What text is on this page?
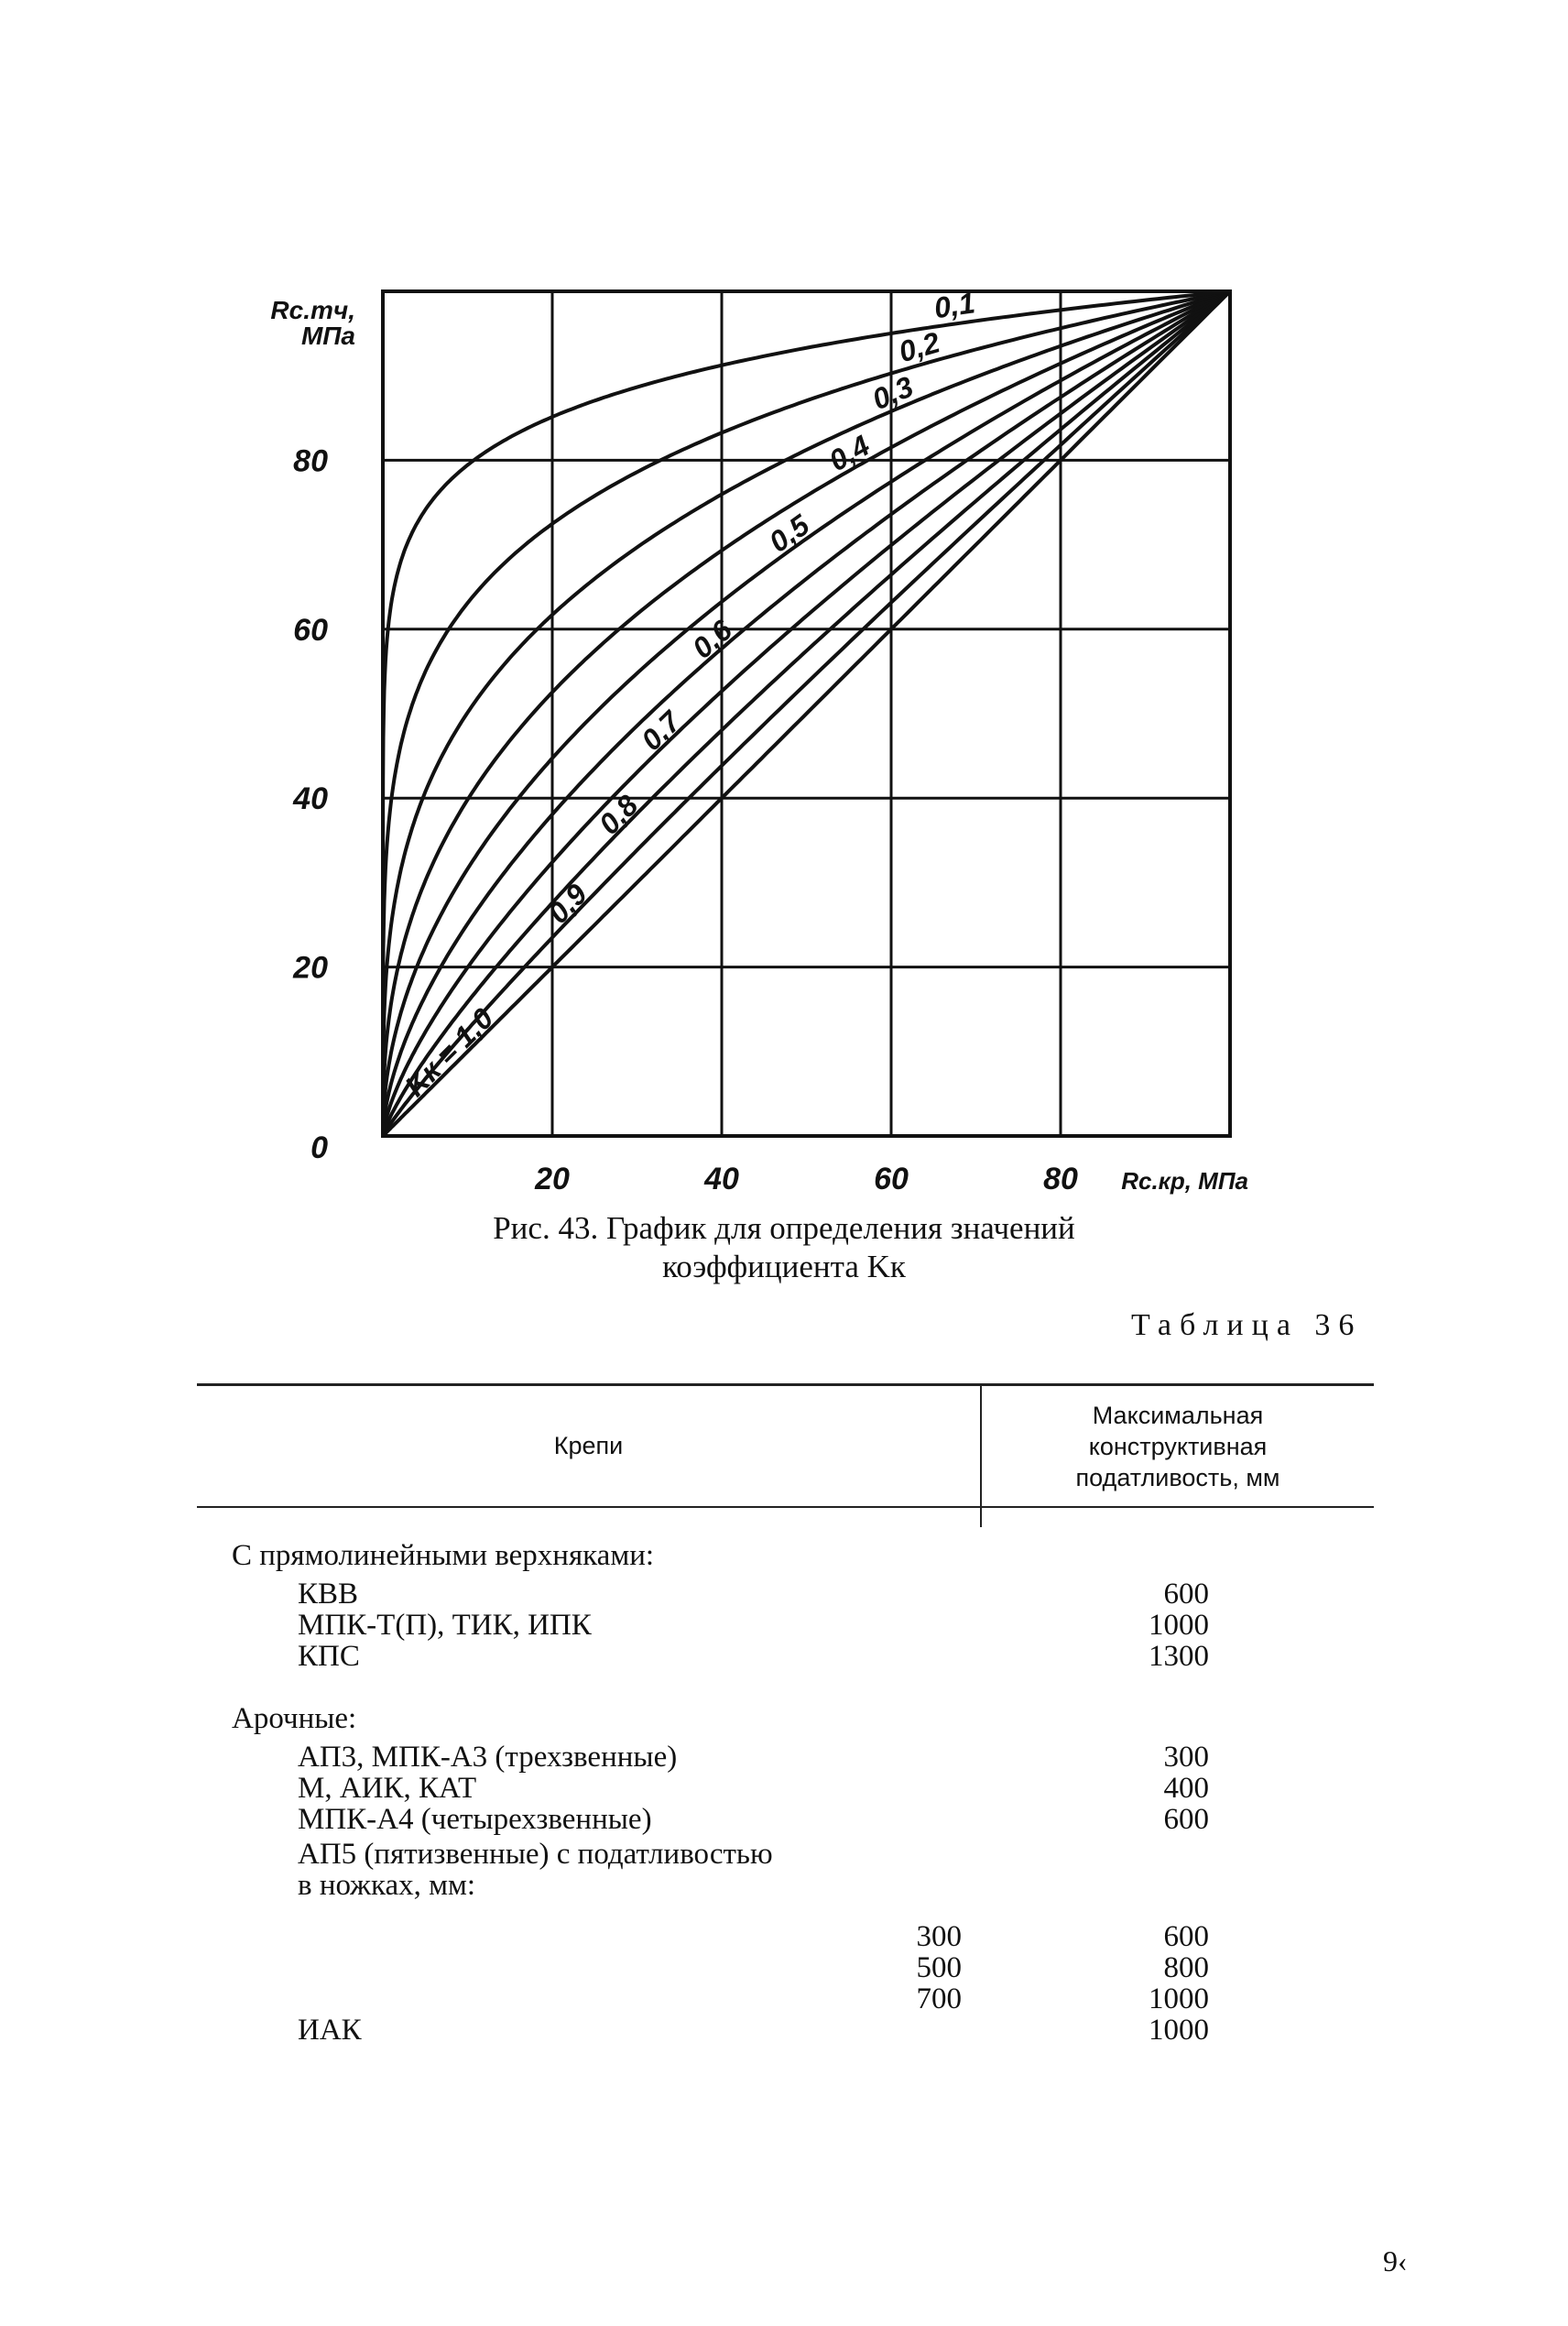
Kк = 1,0
0,9
0,8
0,7
0,6
0,5
0,4
0,3
0,2
0,1
20	40	60	80
0
20
40
60
80
Rс.тч,
МПа
Rс.кр, МПа
Рис. 43. График для определения значений
коэффициента Kк
Таблица 36
Крепи
Максимальная
конструктивная
податливость, мм
С прямолинейными верхняками:
КВВ	600
МПК-Т(П), ТИК, ИПК	1000
КПС	1300
Арочные:
АП3, МПК-А3 (трехзвенные)	300
М, АИК, КАТ	400
МПК-А4 (четырехзвенные)	600
АП5 (пятизвенные) с податливостью
в ножках, мм:
300	600
500	800
700	1000
ИАК	1000
9‹
